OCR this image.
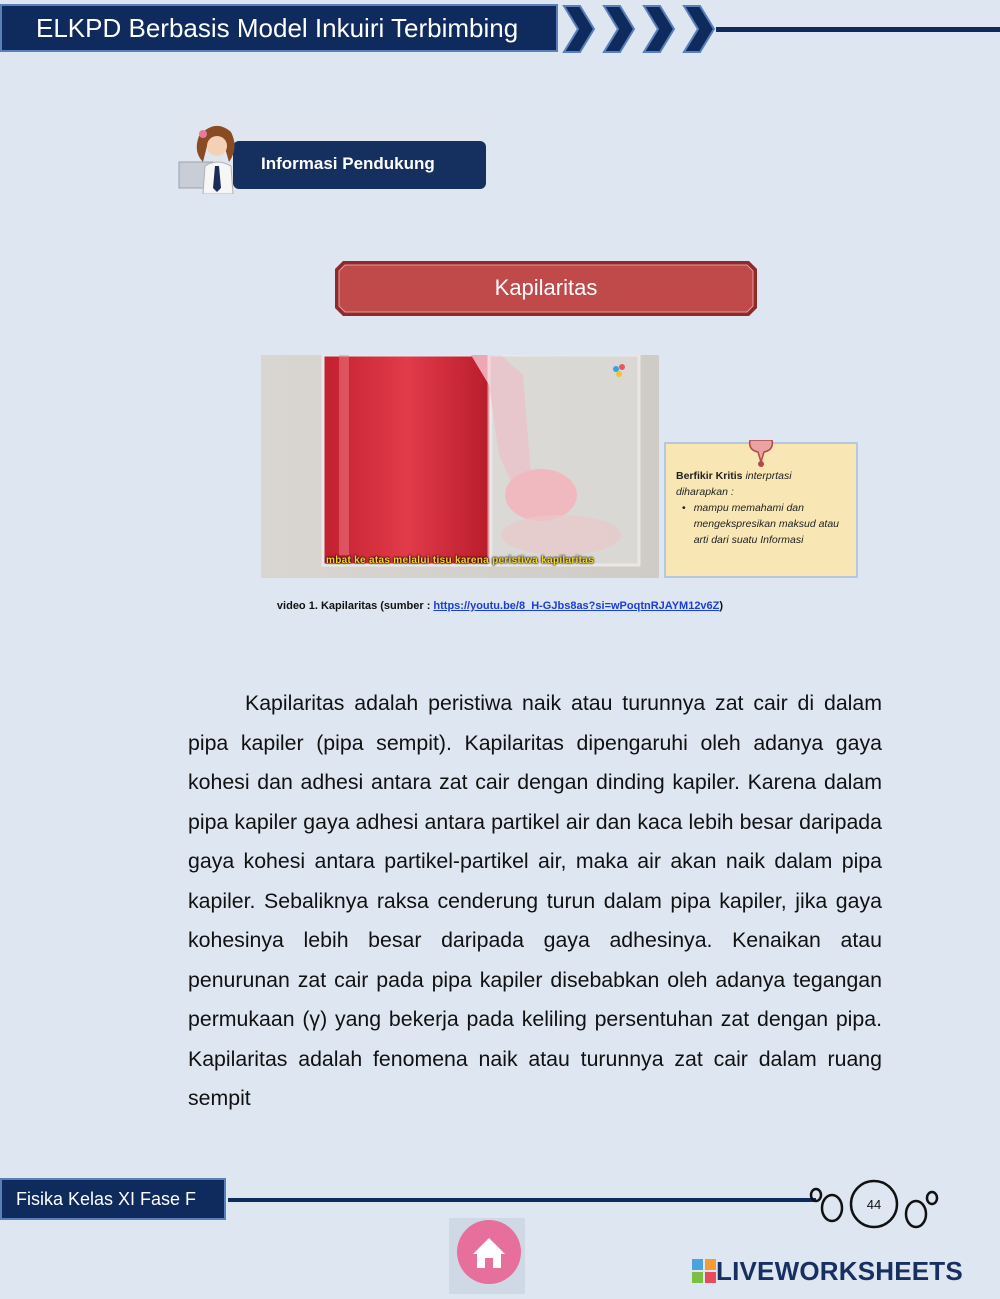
ELKPD Berbasis Model Inkuiri Terbimbing
Informasi Pendukung
Kapilaritas
mbat ke atas melalui tisu karena peristiwa kapilaritas
Berfikir Kritis interprtasi
diharapkan :
• mampu memahami dan mengekspresikan maksud atau arti dari suatu Informasi
video 1. Kapilaritas (sumber : https://youtu.be/8_H-GJbs8as?si=wPoqtnRJAYM12v6Z)

Kapilaritas adalah peristiwa naik atau turunnya zat cair di dalam pipa kapiler (pipa sempit). Kapilaritas dipengaruhi oleh adanya gaya kohesi dan adhesi antara zat cair dengan dinding kapiler. Karena dalam pipa kapiler gaya adhesi antara partikel air dan kaca lebih besar daripada gaya kohesi antara partikel-partikel air, maka air akan naik dalam pipa kapiler. Sebaliknya raksa cenderung turun dalam pipa kapiler, jika gaya kohesinya lebih besar daripada gaya adhesinya. Kenaikan atau penurunan zat cair pada pipa kapiler disebabkan oleh adanya tegangan permukaan (γ) yang bekerja pada keliling persentuhan zat dengan pipa. Kapilaritas adalah fenomena naik atau turunnya zat cair dalam ruang sempit

Fisika Kelas XI Fase F	44
LIVEWORKSHEETS
